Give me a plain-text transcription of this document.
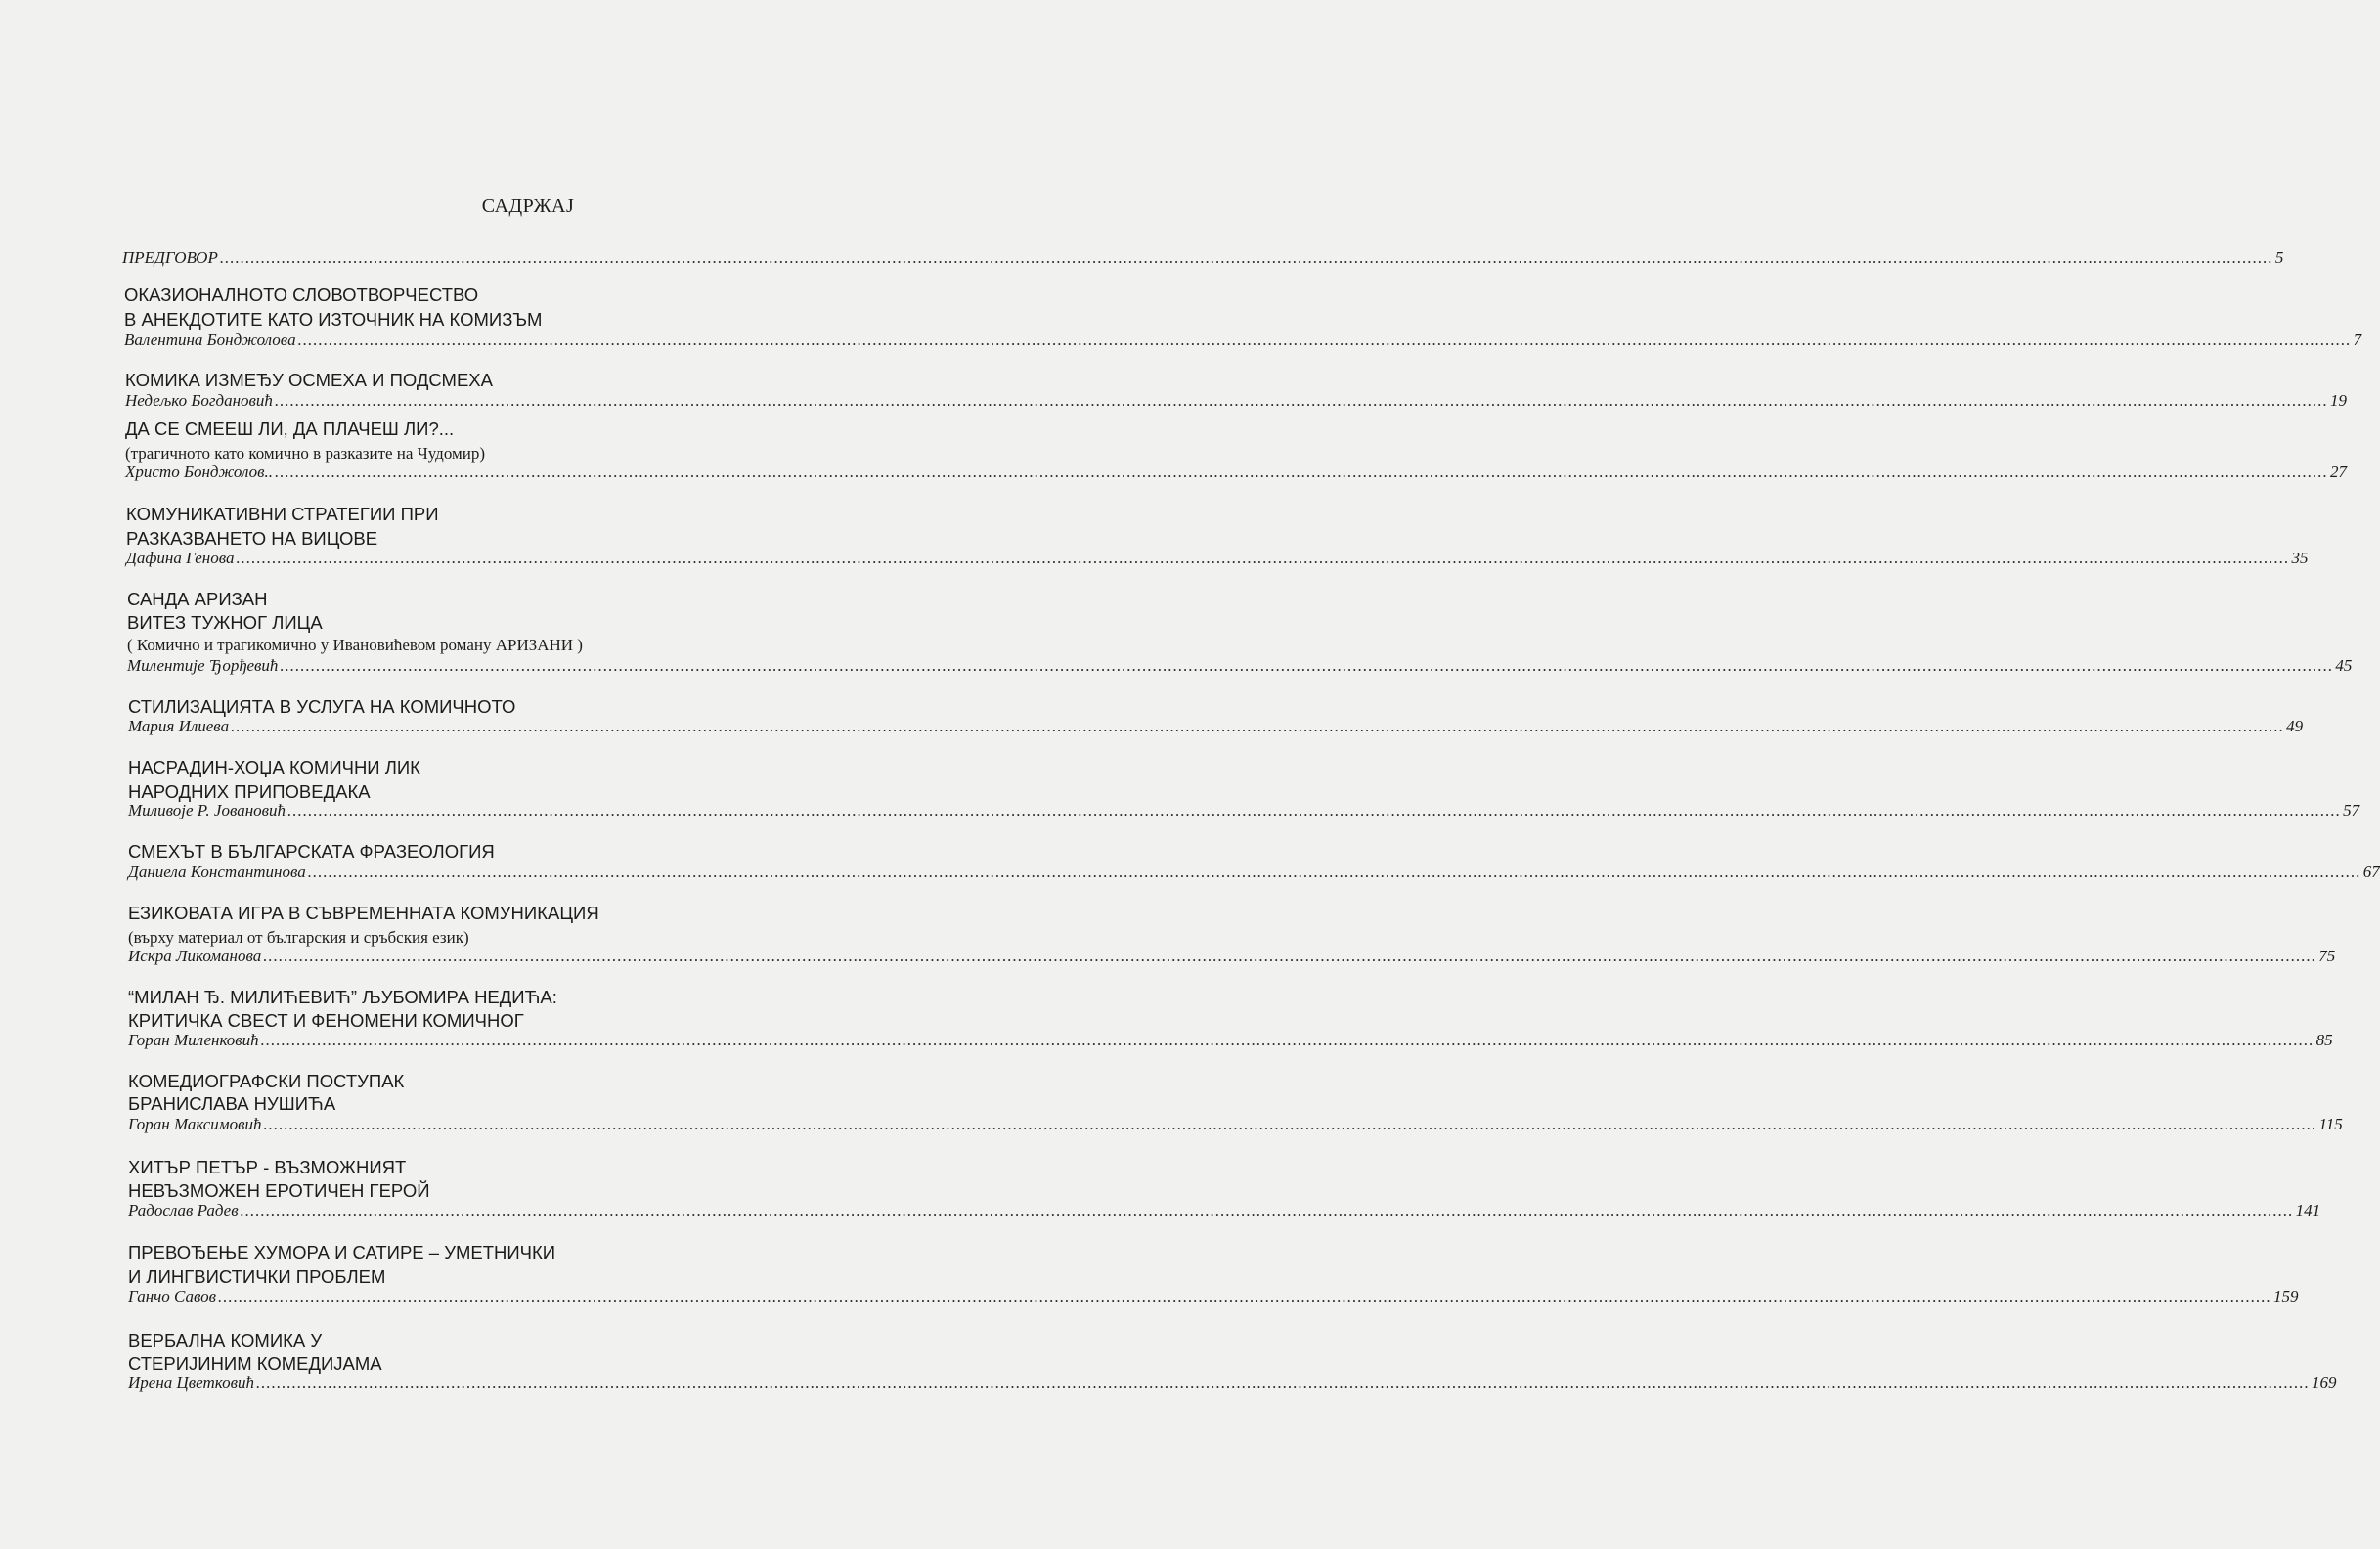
САДРЖАЈ
ПРЕДГОВОР ................................................................................................................................................................................................................................................................................................................................................................................................................ 5
ОКАЗИОНАЛНОТО СЛОВОТВОРЧЕСТВО
В АНЕКДОТИТЕ КАТО ИЗТОЧНИК НА КОМИЗЪМ
Валентина Бонджолова ................................................................................................................................................................................................................................................................................................................................................................................................................ 7
КОМИКА ИЗМЕЂУ ОСМЕХА И ПОДСМЕХА
Недељко Богдановић ................................................................................................................................................................................................................................................................................................................................................................................................................ 19
ДА СЕ СМЕЕШ ЛИ, ДА ПЛАЧЕШ ЛИ?...
(трагичното като комично в разказите на Чудомир)
Христо Бонджолов.. ................................................................................................................................................................................................................................................................................................................................................................................................................ 27
КОМУНИКАТИВНИ СТРАТЕГИИ ПРИ
РАЗКАЗВАНЕТО НА ВИЦОВЕ
Дафина Генова ................................................................................................................................................................................................................................................................................................................................................................................................................ 35
САНДА АРИЗАН
ВИТЕЗ ТУЖНОГ ЛИЦА
( Комично и трагикомично у Ивановићевом роману АРИЗАНИ )
Милентије Ђорђевић ................................................................................................................................................................................................................................................................................................................................................................................................................ 45
СТИЛИЗАЦИЯТА В УСЛУГА НА КОМИЧНОТО
Мария Илиева ................................................................................................................................................................................................................................................................................................................................................................................................................ 49
НАСРАДИН-ХОЏА КОМИЧНИ ЛИК
НАРОДНИХ ПРИПОВЕДАКА
Миливоје Р. Јовановић ................................................................................................................................................................................................................................................................................................................................................................................................................ 57
СМЕХЪТ В БЪЛГАРСКАТА ФРАЗЕОЛОГИЯ
Даниела Константинова ................................................................................................................................................................................................................................................................................................................................................................................................................ 67
ЕЗИКОВАТА ИГРА В СЪВРЕМЕННАТА КОМУНИКАЦИЯ
(върху материал от българския и сръбския език)
Искра Ликоманова ................................................................................................................................................................................................................................................................................................................................................................................................................ 75
“МИЛАН Ђ. МИЛИЋЕВИЋ” ЉУБОМИРА НЕДИЋА:
КРИТИЧКА СВЕСТ И ФЕНОМЕНИ КОМИЧНОГ
Горан Миленковић ................................................................................................................................................................................................................................................................................................................................................................................................................ 85
КОМЕДИОГРАФСКИ ПОСТУПАК
БРАНИСЛАВА НУШИЋА
Горан Максимовић ................................................................................................................................................................................................................................................................................................................................................................................................................ 115
ХИТЪР ПЕТЪР - ВЪЗМОЖНИЯТ
НЕВЪЗМОЖЕН ЕРОТИЧЕН ГЕРОЙ
Радослав Радев ................................................................................................................................................................................................................................................................................................................................................................................................................ 141
ПРЕВОЂЕЊЕ ХУМОРА И САТИРЕ – УМЕТНИЧКИ
И ЛИНГВИСТИЧКИ ПРОБЛЕМ
Ганчо Савов ................................................................................................................................................................................................................................................................................................................................................................................................................ 159
ВЕРБАЛНА КОМИКА У
СТЕРИЈИНИМ КОМЕДИЈАМА
Ирена Цветковић ................................................................................................................................................................................................................................................................................................................................................................................................................ 169
